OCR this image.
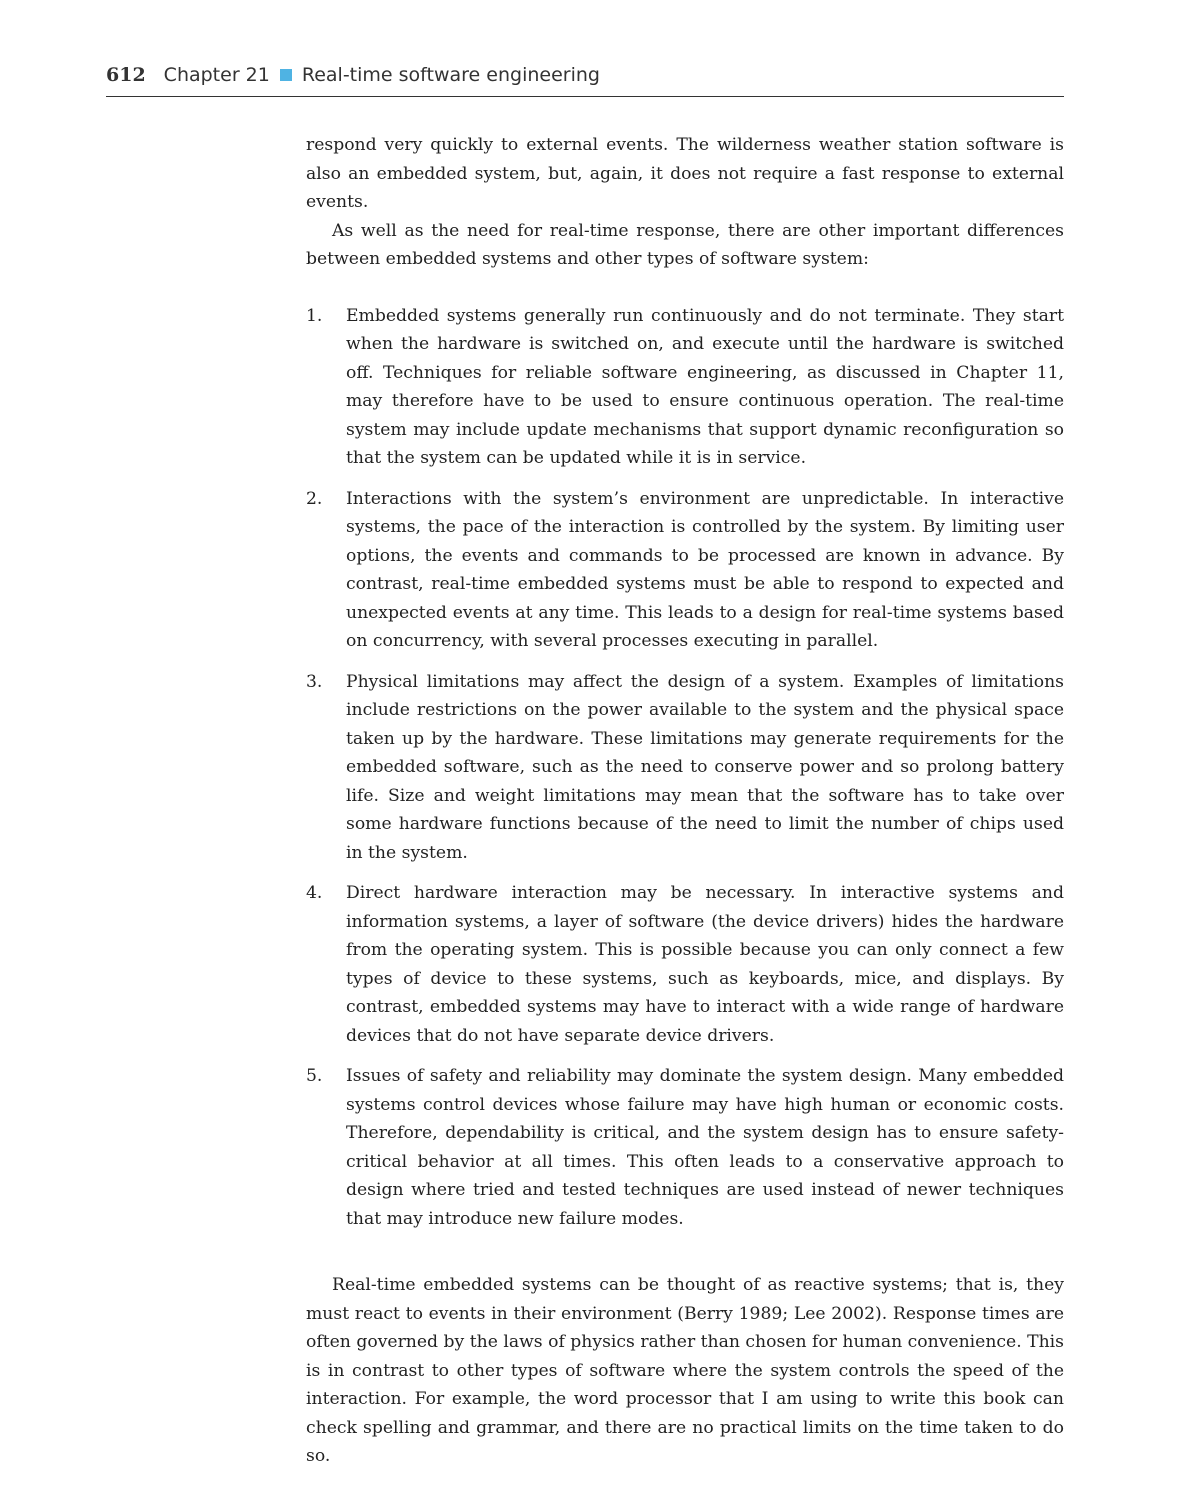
612 Chapter 21 Real-time software engineering

respond very quickly to external events. The wilderness weather station software is also an embedded system, but, again, it does not require a fast response to external events.

As well as the need for real-time response, there are other important differences between embedded systems and other types of software system:

1. Embedded systems generally run continuously and do not terminate. They start when the hardware is switched on, and execute until the hardware is switched off. Techniques for reliable software engineering, as discussed in Chapter 11, may therefore have to be used to ensure continuous operation. The real-time system may include update mechanisms that support dynamic reconfiguration so that the system can be updated while it is in service.
2. Interactions with the system’s environment are unpredictable. In interactive systems, the pace of the interaction is controlled by the system. By limiting user options, the events and commands to be processed are known in advance. By contrast, real-time embedded systems must be able to respond to expected and unexpected events at any time. This leads to a design for real-time systems based on concurrency, with several processes executing in parallel.
3. Physical limitations may affect the design of a system. Examples of limitations include restrictions on the power available to the system and the physical space taken up by the hardware. These limitations may generate requirements for the embedded software, such as the need to conserve power and so prolong battery life. Size and weight limitations may mean that the software has to take over some hardware functions because of the need to limit the number of chips used in the system.
4. Direct hardware interaction may be necessary. In interactive systems and information systems, a layer of software (the device drivers) hides the hardware from the operating system. This is possible because you can only connect a few types of device to these systems, such as keyboards, mice, and displays. By contrast, embedded systems may have to interact with a wide range of hardware devices that do not have separate device drivers.
5. Issues of safety and reliability may dominate the system design. Many embedded systems control devices whose failure may have high human or economic costs. Therefore, dependability is critical, and the system design has to ensure safety-critical behavior at all times. This often leads to a conservative approach to design where tried and tested techniques are used instead of newer techniques that may introduce new failure modes.

Real-time embedded systems can be thought of as reactive systems; that is, they must react to events in their environment (Berry 1989; Lee 2002). Response times are often governed by the laws of physics rather than chosen for human convenience. This is in contrast to other types of software where the system controls the speed of the interaction. For example, the word processor that I am using to write this book can check spelling and grammar, and there are no practical limits on the time taken to do so.
